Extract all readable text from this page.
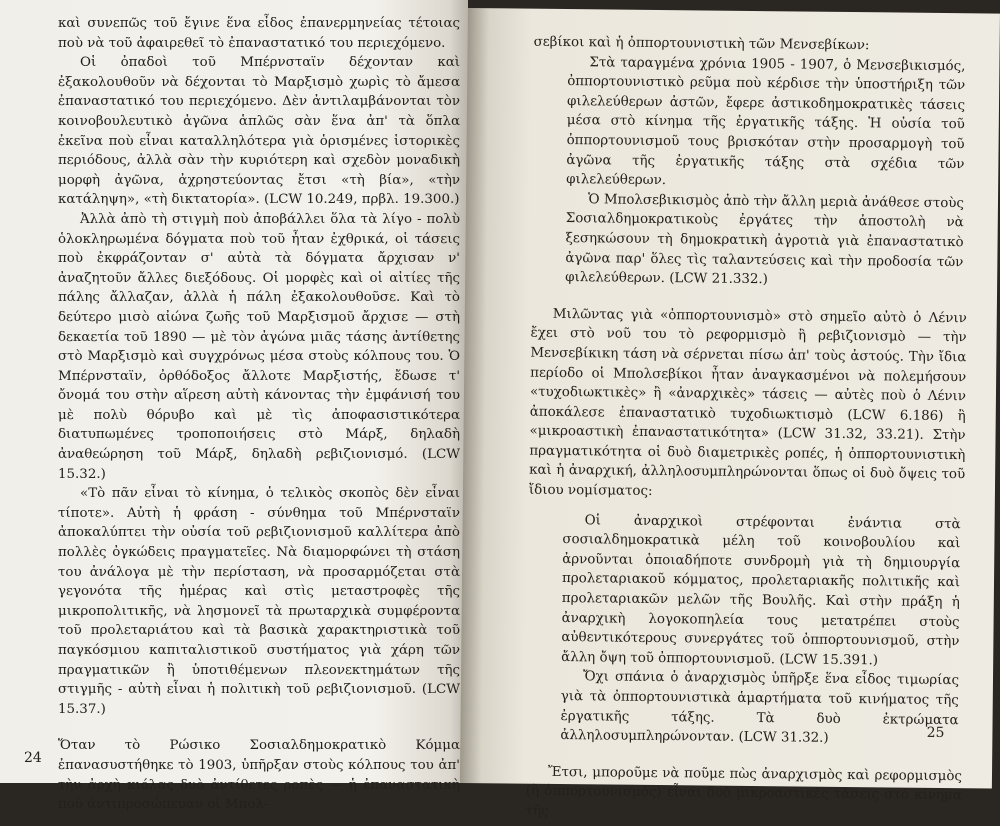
καὶ συνεπῶς τοῦ ἔγινε ἕνα εἶδος ἐπανερμηνείας τέτοιας ποὺ νὰ τοῦ ἀφαιρεθεῖ τὸ ἐπαναστατικό του περιεχόμενο.

Οἱ ὀπαδοὶ τοῦ Μπέρνσταϊν δέχονταν καὶ ἐξακολουθοῦν νὰ δέχονται τὸ Μαρξισμὸ χωρὶς τὸ ἄμεσα ἐπαναστατικό του περιεχόμενο. Δὲν ἀντιλαμβάνονται τὸν κοινοβουλευτικὸ ἀγῶνα ἁπλῶς σὰν ἕνα ἀπ' τὰ ὅπλα ἐκεῖνα ποὺ εἶναι καταλληλότερα γιὰ ὁρισμένες ἱστορικὲς περιόδους, ἀλλὰ σὰν τὴν κυριότερη καὶ σχεδὸν μοναδικὴ μορφὴ ἀγῶνα, ἀχρηστεύοντας ἔτσι «τὴ βία», «τὴν κατάληψη», «τὴ δικτατορία». (LCW 10.249, πρβλ. 19.300.)

Ἀλλὰ ἀπὸ τὴ στιγμὴ ποὺ ἀποβάλλει ὅλα τὰ λίγο - πολὺ ὁλοκληρωμένα δόγματα ποὺ τοῦ ἦταν ἐχθρικά, οἱ τάσεις ποὺ ἐκφράζονταν σ' αὐτὰ τὰ δόγματα ἄρχισαν ν' ἀναζητοῦν ἄλλες διεξόδους. Οἱ μορφὲς καὶ οἱ αἰτίες τῆς πάλης ἄλλαζαν, ἀλλὰ ἡ πάλη ἐξακολουθοῦσε. Καὶ τὸ δεύτερο μισὸ αἰώνα ζωῆς τοῦ Μαρξισμοῦ ἄρχισε — στὴ δεκαετία τοῦ 1890 — μὲ τὸν ἀγώνα μιᾶς τάσης ἀντίθετης στὸ Μαρξισμὸ καὶ συγχρόνως μέσα στοὺς κόλπους του. Ὁ Μπέρνσταϊν, ὀρθόδοξος ἄλλοτε Μαρξιστής, ἔδωσε τ' ὄνομά του στὴν αἵρεση αὐτὴ κάνοντας τὴν ἐμφάνισή του μὲ πολὺ θόρυβο καὶ μὲ τὶς ἀποφασιστικότερα διατυπωμένες τροποποιήσεις στὸ Μάρξ, δηλαδὴ ἀναθεώρηση τοῦ Μάρξ, δηλαδὴ ρεβιζιονισμό. (LCW 15.32.)

«Τὸ πᾶν εἶναι τὸ κίνημα, ὁ τελικὸς σκοπὸς δὲν εἶναι τίποτε». Αὐτὴ ἡ φράση - σύνθημα τοῦ Μπέρνσταϊν ἀποκαλύπτει τὴν οὐσία τοῦ ρεβιζιονισμοῦ καλλίτερα ἀπὸ πολλὲς ὀγκώδεις πραγματεῖες. Νὰ διαμορφώνει τὴ στάση του ἀνάλογα μὲ τὴν περίσταση, νὰ προσαρμόζεται στὰ γεγονότα τῆς ἡμέρας καὶ στὶς μεταστροφὲς τῆς μικροπολιτικῆς, νὰ λησμονεῖ τὰ πρωταρχικὰ συμφέροντα τοῦ προλεταριάτου καὶ τὰ βασικὰ χαρακτηριστικὰ τοῦ παγκόσμιου καπιταλιστικοῦ συστήματος γιὰ χάρη τῶν πραγματικῶν ἢ ὑποτιθέμενων πλεονεκτημάτων τῆς στιγμῆς - αὐτὴ εἶναι ἡ πολιτικὴ τοῦ ρεβιζιονισμοῦ. (LCW 15.37.)

Ὅταν τὸ Ρώσικο Σοσιαλδημοκρατικὸ Κόμμα ἐπανασυστήθηκε τὸ 1903, ὑπῆρξαν στοὺς κόλπους του ἀπ' τὴν ἀρχὴ κιόλας δυὸ ἀντίθετες ροπὲς — ἡ ἐπαναστατικὴ ποὺ ἀντιπροσώπευαν οἱ Μπολ-

24

σεβίκοι καὶ ἡ ὀππορτουνιστικὴ τῶν Μενσεβίκων:

Στὰ ταραγμένα χρόνια 1905 - 1907, ὁ Μενσεβικισμός, ὀππορτουνιστικὸ ρεῦμα ποὺ κέρδισε τὴν ὑποστήριξη τῶν φιλελεύθερων ἀστῶν, ἔφερε ἀστικοδημοκρατικὲς τάσεις μέσα στὸ κίνημα τῆς ἐργατικῆς τάξης. Ἡ οὐσία τοῦ ὀππορτουνισμοῦ τους βρισκόταν στὴν προσαρμογὴ τοῦ ἀγῶνα τῆς ἐργατικῆς τάξης στὰ σχέδια τῶν φιλελεύθερων.

Ὁ Μπολσεβικισμὸς ἀπὸ τὴν ἄλλη μεριὰ ἀνάθεσε στοὺς Σοσιαλδημοκρατικοὺς ἐργάτες τὴν ἀποστολὴ νὰ ξεσηκώσουν τὴ δημοκρατικὴ ἀγροτιὰ γιὰ ἐπαναστατικὸ ἀγῶνα παρ' ὅλες τὶς ταλαντεύσεις καὶ τὴν προδοσία τῶν φιλελεύθερων. (LCW 21.332.)

Μιλῶντας γιὰ «ὀππορτουνισμὸ» στὸ σημεῖο αὐτὸ ὁ Λένιν ἔχει στὸ νοῦ του τὸ ρεφορμισμὸ ἢ ρεβιζιονισμὸ — τὴν Μενσεβίκικη τάση νὰ σέρνεται πίσω ἀπ' τοὺς ἀστούς. Τὴν ἴδια περίοδο οἱ Μπολσεβίκοι ἦταν ἀναγκασμένοι νὰ πολεμήσουν «τυχοδιωκτικὲς» ἢ «ἀναρχικὲς» τάσεις — αὐτὲς ποὺ ὁ Λένιν ἀποκάλεσε ἐπαναστατικὸ τυχοδιωκτισμὸ (LCW 6.186) ἢ «μικροαστικὴ ἐπαναστατικότητα» (LCW 31.32, 33.21). Στὴν πραγματικότητα οἱ δυὸ διαμετρικὲς ροπές, ἡ ὀππορτουνιστικὴ καὶ ἡ ἀναρχική, ἀλληλοσυμπληρώνονται ὅπως οἱ δυὸ ὄψεις τοῦ ἴδιου νομίσματος:

Οἱ ἀναρχικοὶ στρέφονται ἐνάντια στὰ σοσιαλδημοκρατικὰ μέλη τοῦ κοινοβουλίου καὶ ἀρνοῦνται ὁποιαδήποτε συνδρομὴ γιὰ τὴ δημιουργία προλεταριακοῦ κόμματος, προλεταριακῆς πολιτικῆς καὶ προλεταριακῶν μελῶν τῆς Βουλῆς. Καὶ στὴν πράξη ἡ ἀναρχικὴ λογοκοπηλεία τους μετατρέπει στοὺς αὐθεντικότερους συνεργάτες τοῦ ὀππορτουνισμοῦ, στὴν ἄλλη ὄψη τοῦ ὀππορτουνισμοῦ. (LCW 15.391.)

Ὄχι σπάνια ὁ ἀναρχισμὸς ὑπῆρξε ἕνα εἶδος τιμωρίας γιὰ τὰ ὀππορτουνιστικὰ ἁμαρτήματα τοῦ κινήματος τῆς ἐργατικῆς τάξης. Τὰ δυὸ ἐκτρώματα ἀλληλοσυμπληρώνονταν. (LCW 31.32.)

Ἔτσι, μποροῦμε νὰ ποῦμε πὼς ἀναρχισμὸς καὶ ρεφορμισμὸς (ἢ ὀππορτουνισμὸς) εἶναι δυὸ μικροαστικὲς τάσεις στὸ κίνημα τῆς

25
